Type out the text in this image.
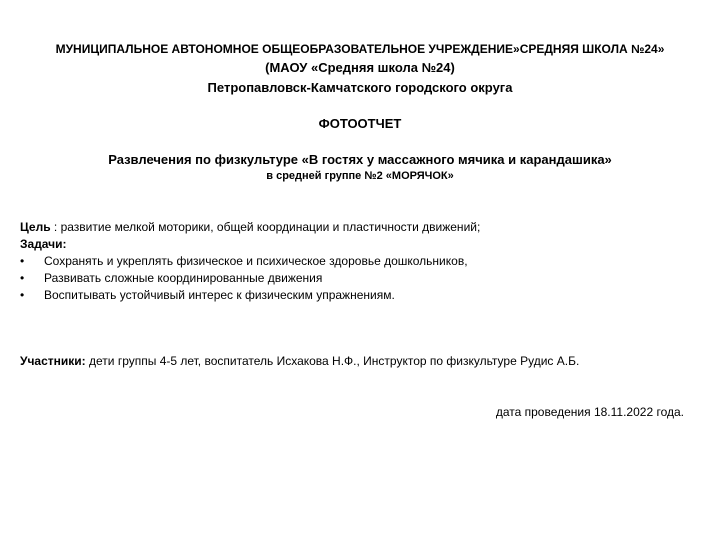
МУНИЦИПАЛЬНОЕ АВТОНОМНОЕ ОБЩЕОБРАЗОВАТЕЛЬНОЕ УЧРЕЖДЕНИЕ»СРЕДНЯЯ ШКОЛА №24»
(МАОУ «Средняя школа №24)
Петропавловск-Камчатского городского округа
ФОТООТЧЕТ
Развлечения по физкультуре «В гостях у массажного мячика и карандашика»
в средней группе №2 «МОРЯЧОК»
Цель : развитие мелкой моторики, общей координации и пластичности движений;
Задачи:
• Сохранять и укреплять физическое и психическое здоровье дошкольников,
• Развивать сложные координированные движения
• Воспитывать устойчивый интерес к физическим упражнениям.
Участники: дети группы 4-5 лет, воспитатель Исхакова Н.Ф., Инструктор по физкультуре Рудис А.Б.
дата проведения 18.11.2022 года.
